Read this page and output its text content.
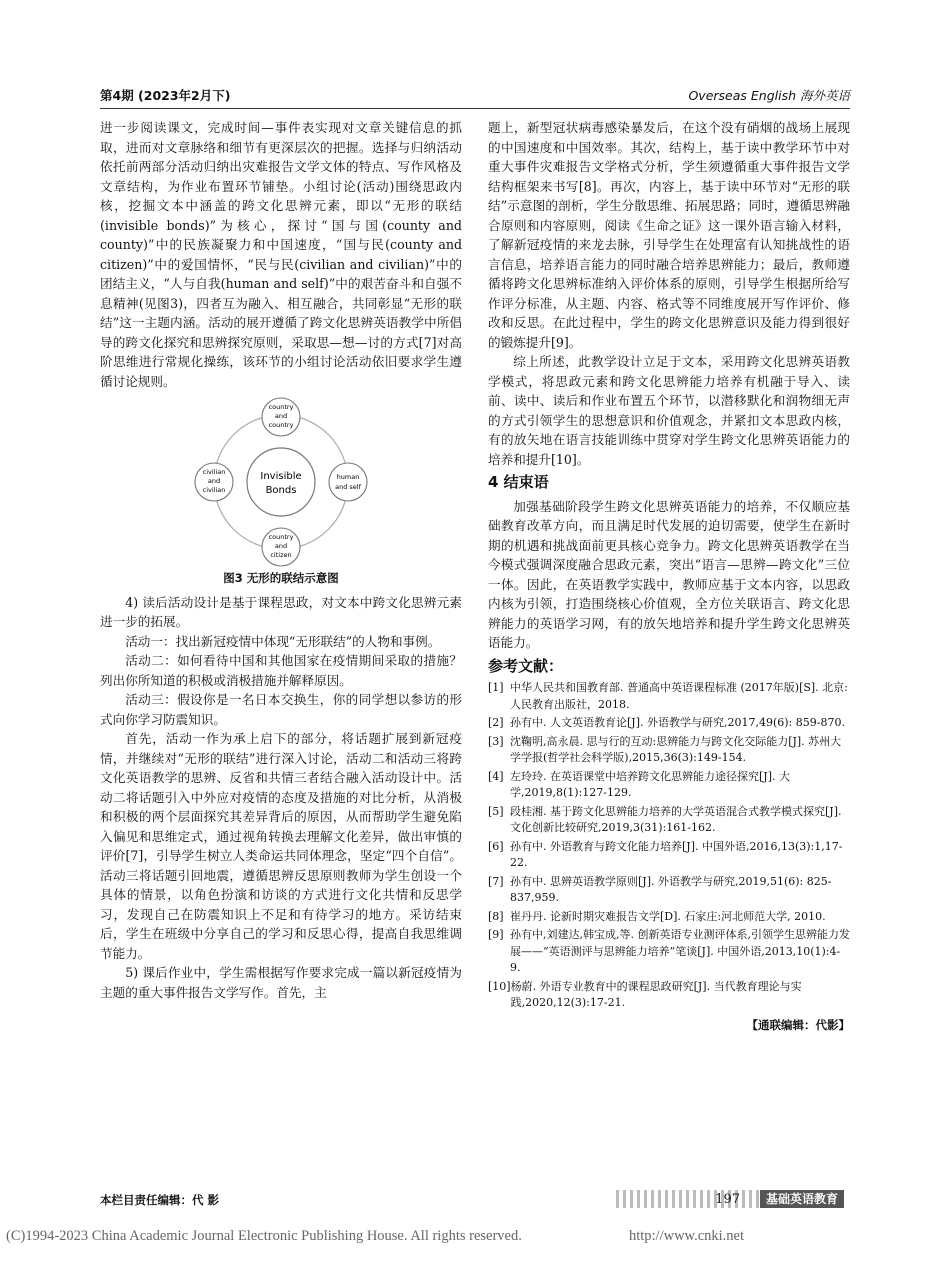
第4期 (2023年2月下)	Overseas English 海外英语

进一步阅读课文，完成时间—事件表实现对文章关键信息的抓取，进而对文章脉络和细节有更深层次的把握。选择与归纳活动依托前两部分活动归纳出灾难报告文学文体的特点、写作风格及文章结构，为作业布置环节铺垫。小组讨论(活动)围绕思政内核，挖掘文本中涵盖的跨文化思辨元素，即以“无形的联结(invisible bonds)”为核心，探讨“国与国(county and county)”中的民族凝聚力和中国速度，“国与民(county and citizen)”中的爱国情怀，“民与民(civilian and civilian)”中的团结主义，“人与自我(human and self)”中的艰苦奋斗和自强不息精神(见图3)，四者互为融入、相互融合，共同彰显“无形的联结”这一主题内涵。活动的展开遵循了跨文化思辨英语教学中所倡导的跨文化探究和思辨探究原则，采取思—想—讨的方式[7]对高阶思维进行常规化操练，该环节的小组讨论活动依旧要求学生遵循讨论规则。

Invisible
Bonds
country
and
country
human
and self
country
and
citizen
civilian
and
civilian
图3 无形的联结示意图

4) 读后活动设计是基于课程思政，对文本中跨文化思辨元素进一步的拓展。

活动一：找出新冠疫情中体现“无形联结”的人物和事例。

活动二：如何看待中国和其他国家在疫情期间采取的措施？列出你所知道的积极或消极措施并解释原因。

活动三：假设你是一名日本交换生，你的同学想以参访的形式向你学习防震知识。

首先，活动一作为承上启下的部分，将话题扩展到新冠疫情，并继续对“无形的联结”进行深入讨论，活动二和活动三将跨文化英语教学的思辨、反省和共情三者结合融入活动设计中。活动二将话题引入中外应对疫情的态度及措施的对比分析，从消极和积极的两个层面探究其差异背后的原因，从而帮助学生避免陷入偏见和思维定式，通过视角转换去理解文化差异，做出审慎的评价[7]，引导学生树立人类命运共同体理念，坚定“四个自信”。活动三将话题引回地震，遵循思辨反思原则教师为学生创设一个具体的情景，以角色扮演和访谈的方式进行文化共情和反思学习，发现自己在防震知识上不足和有待学习的地方。采访结束后，学生在班级中分享自己的学习和反思心得，提高自我思维调节能力。

5) 课后作业中，学生需根据写作要求完成一篇以新冠疫情为主题的重大事件报告文学写作。首先，主

题上，新型冠状病毒感染暴发后，在这个没有硝烟的战场上展现的中国速度和中国效率。其次，结构上，基于读中教学环节中对重大事件灾难报告文学格式分析，学生须遵循重大事件报告文学结构框架来书写[8]。再次，内容上，基于读中环节对“无形的联结”示意图的剖析，学生分散思维、拓展思路；同时，遵循思辨融合原则和内容原则，阅读《生命之证》这一课外语言输入材料，了解新冠疫情的来龙去脉，引导学生在处理富有认知挑战性的语言信息，培养语言能力的同时融合培养思辨能力；最后，教师遵循将跨文化思辨标准纳入评价体系的原则，引导学生根据所给写作评分标准，从主题、内容、格式等不同维度展开写作评价、修改和反思。在此过程中，学生的跨文化思辨意识及能力得到很好的锻炼提升[9]。

综上所述，此教学设计立足于文本，采用跨文化思辨英语教学模式，将思政元素和跨文化思辨能力培养有机融于导入、读前、读中、读后和作业布置五个环节，以潜移默化和润物细无声的方式引领学生的思想意识和价值观念，并紧扣文本思政内核，有的放矢地在语言技能训练中贯穿对学生跨文化思辨英语能力的培养和提升[10]。

4 结束语

加强基础阶段学生跨文化思辨英语能力的培养，不仅顺应基础教育改革方向，而且满足时代发展的迫切需要，使学生在新时期的机遇和挑战面前更具核心竞争力。跨文化思辨英语教学在当今模式强调深度融合思政元素，突出“语言—思辨—跨文化”三位一体。因此，在英语教学实践中，教师应基于文本内容，以思政内核为引领，打造围绕核心价值观，全方位关联语言、跨文化思辨能力的英语学习网，有的放矢地培养和提升学生跨文化思辨英语能力。

参考文献：
[1] 中华人民共和国教育部. 普通高中英语课程标准 (2017年版)[S]. 北京:人民教育出版社，2018.
[2] 孙有中. 人文英语教育论[J]. 外语教学与研究,2017,49(6): 859-870.
[3] 沈鞠明,高永晨. 思与行的互动:思辨能力与跨文化交际能力[J]. 苏州大学学报(哲学社会科学版),2015,36(3):149-154.
[4] 左玲玲. 在英语课堂中培养跨文化思辨能力途径探究[J]. 大学,2019,8(1):127-129.
[5] 段桂湘. 基于跨文化思辨能力培养的大学英语混合式教学模式探究[J]. 文化创新比较研究,2019,3(31):161-162.
[6] 孙有中. 外语教育与跨文化能力培养[J]. 中国外语,2016,13(3):1,17-22.
[7] 孙有中. 思辨英语教学原则[J]. 外语教学与研究,2019,51(6): 825-837,959.
[8] 崔丹丹. 论新时期灾难报告文学[D]. 石家庄:河北师范大学, 2010.
[9] 孙有中,刘建达,韩宝成,等. 创新英语专业测评体系,引领学生思辨能力发展——“英语测评与思辨能力培养”笔谈[J]. 中国外语,2013,10(1):4-9.
[10] 杨蔚. 外语专业教育中的课程思政研究[J]. 当代教育理论与实践,2020,12(3):17-21.
【通联编辑：代影】
本栏目责任编辑：代 影	基础英语教育
197
(C)1994-2023 China Academic Journal Electronic Publishing House. All rights reserved.	http://www.cnki.net
